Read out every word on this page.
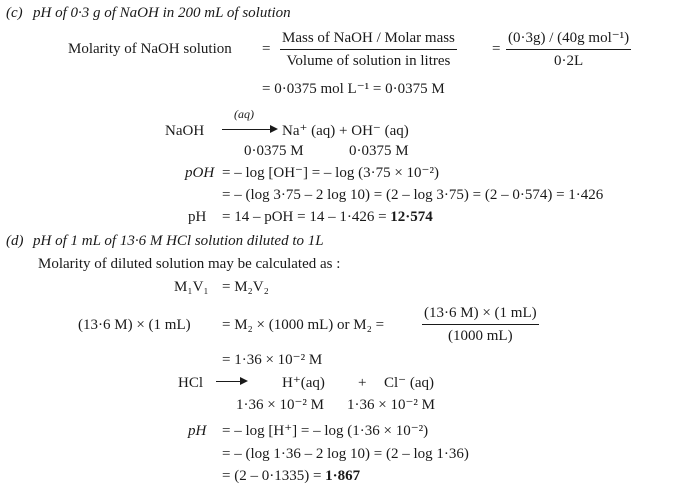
(c) pH of 0·3 g of NaOH in 200 mL of solution
Molarity of NaOH solution =
Mass of NaOH / Molar mass
Volume of solution in litres
=
(0·3g) / (40g mol⁻¹)
0·2L
= 0·0375 mol L⁻¹ = 0·0375 M
NaOH
(aq)
Na⁺ (aq) + OH⁻ (aq)
0·0375 M	0·0375 M
pOH = – log [OH⁻] = – log (3·75 × 10⁻²)
= – (log 3·75 – 2 log 10) = (2 – log 3·75) = (2 – 0·574) = 1·426
pH = 14 – pOH = 14 – 1·426 = 12·574
(d) pH of 1 mL of 13·6 M HCl solution diluted to 1L
Molarity of diluted solution may be calculated as :
M₁V₁ = M₂V₂
(13·6 M) × (1 mL) = M₂ × (1000 mL) or M₂ =	$\frac{(13\cdot 6 M) \times (1 mL)}{(1000 mL)}$
= 1·36 × 10⁻² M
HCl	H⁺(aq) + Cl⁻ (aq)
1·36 × 10⁻² M 1·36 × 10⁻² M
pH = – log [H⁺] = – log (1·36 × 10⁻²)
= – (log 1·36 – 2 log 10) = (2 – log 1·36)
= (2 – 0·1335) = 1·867
